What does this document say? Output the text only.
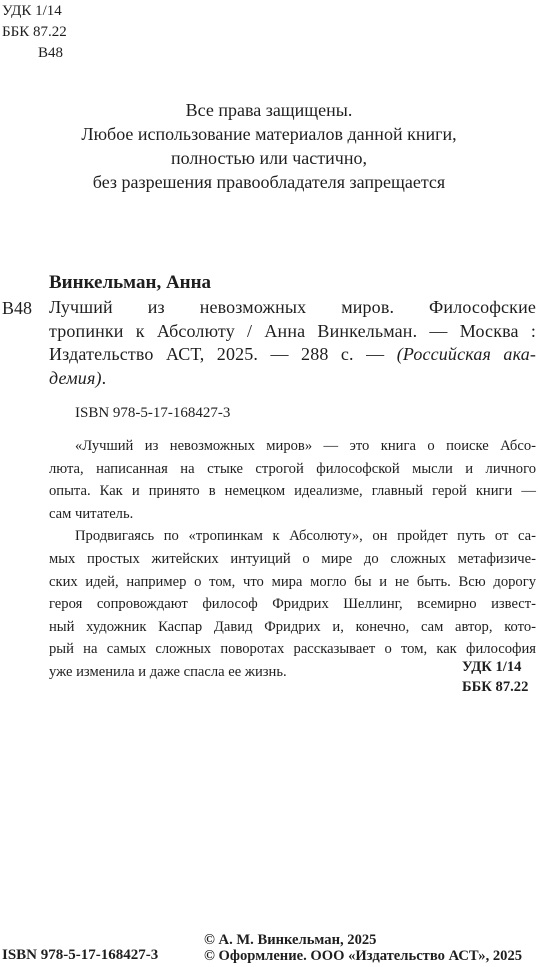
УДК 1/14
ББК 87.22
В48
Все права защищены.
Любое использование материалов данной книги,
полностью или частично,
без разрешения правообладателя запрещается
Винкельман, Анна
В48 Лучший из невозможных миров. Философские
тропинки к Абсолюту / Анна Винкельман. — Москва :
Издательство АСТ, 2025. — 288 с. — (Российская ака-
демия).
ISBN 978-5-17-168427-3
«Лучший из невозможных миров» — это книга о поиске Абсо-
люта, написанная на стыке строгой философской мысли и личного
опыта. Как и принято в немецком идеализме, главный герой книги —
сам читатель.
Продвигаясь по «тропинкам к Абсолюту», он пройдет путь от са-
мых простых житейских интуиций о мире до сложных метафизиче-
ских идей, например о том, что мира могло бы и не быть. Всю дорогу
героя сопровождают философ Фридрих Шеллинг, всемирно извест-
ный художник Каспар Давид Фридрих и, конечно, сам автор, кото-
рый на самых сложных поворотах рассказывает о том, как философия
уже изменила и даже спасла ее жизнь.	УДК 1/14
ББК 87.22
ISBN 978-5-17-168427-3
© А. М. Винкельман, 2025
© Оформление. ООО «Издательство АСТ», 2025
